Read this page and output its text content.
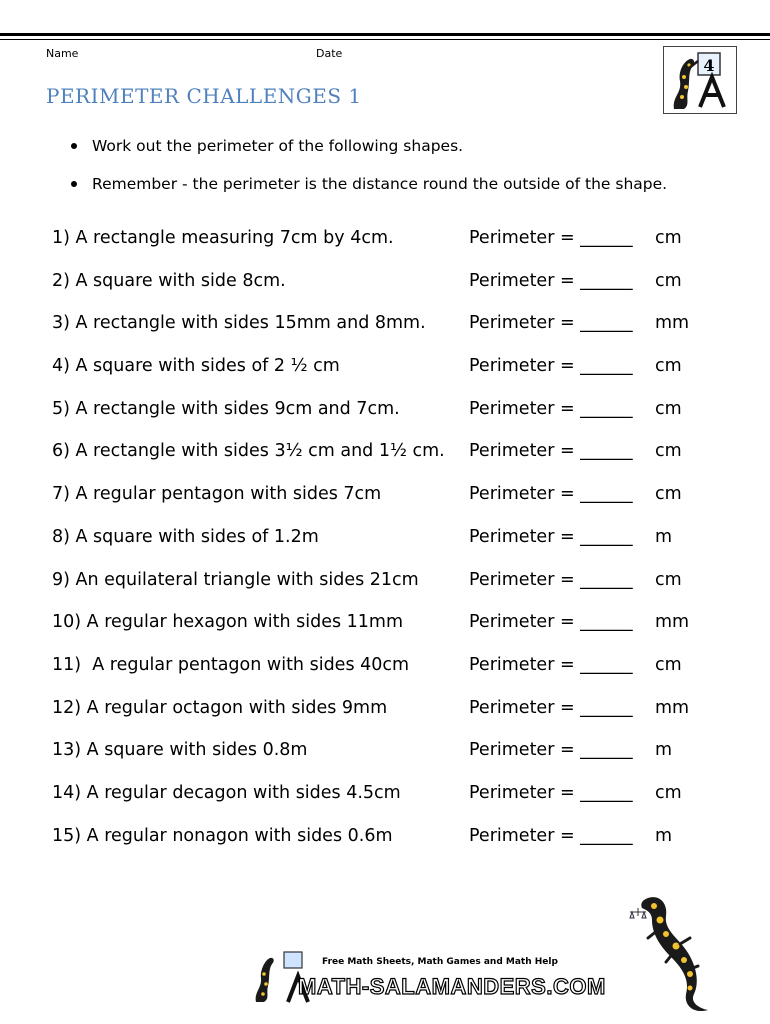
Name	Date
4
PERIMETER CHALLENGES 1
Work out the perimeter of the following shapes.
Remember - the perimeter is the distance round the outside of the shape.
1) A rectangle measuring 7cm by 4cm.	Perimeter = ______ cm
2) A square with side 8cm.	Perimeter = ______ cm
3) A rectangle with sides 15mm and 8mm. Perimeter = ______ mm
4) A square with sides of 2 ½ cm	Perimeter = ______ cm
5) A rectangle with sides 9cm and 7cm.	Perimeter = ______ cm
6) A rectangle with sides 3½ cm and 1½ cm. Perimeter = ______ cm
7) A regular pentagon with sides 7cm	Perimeter = ______ cm
8) A square with sides of 1.2m	Perimeter = ______ m
9) An equilateral triangle with sides 21cm	Perimeter = ______ cm
10) A regular hexagon with sides 11mm	Perimeter = ______ mm
11)  A regular pentagon with sides 40cm	Perimeter = ______ cm
12) A regular octagon with sides 9mm	Perimeter = ______ mm
13) A square with sides 0.8m	Perimeter = ______ m
14) A regular decagon with sides 4.5cm	Perimeter = ______ cm
15) A regular nonagon with sides 0.6m	Perimeter = ______ m
Free Math Sheets, Math Games and Math Help
MATH-SALAMANDERS.COM
